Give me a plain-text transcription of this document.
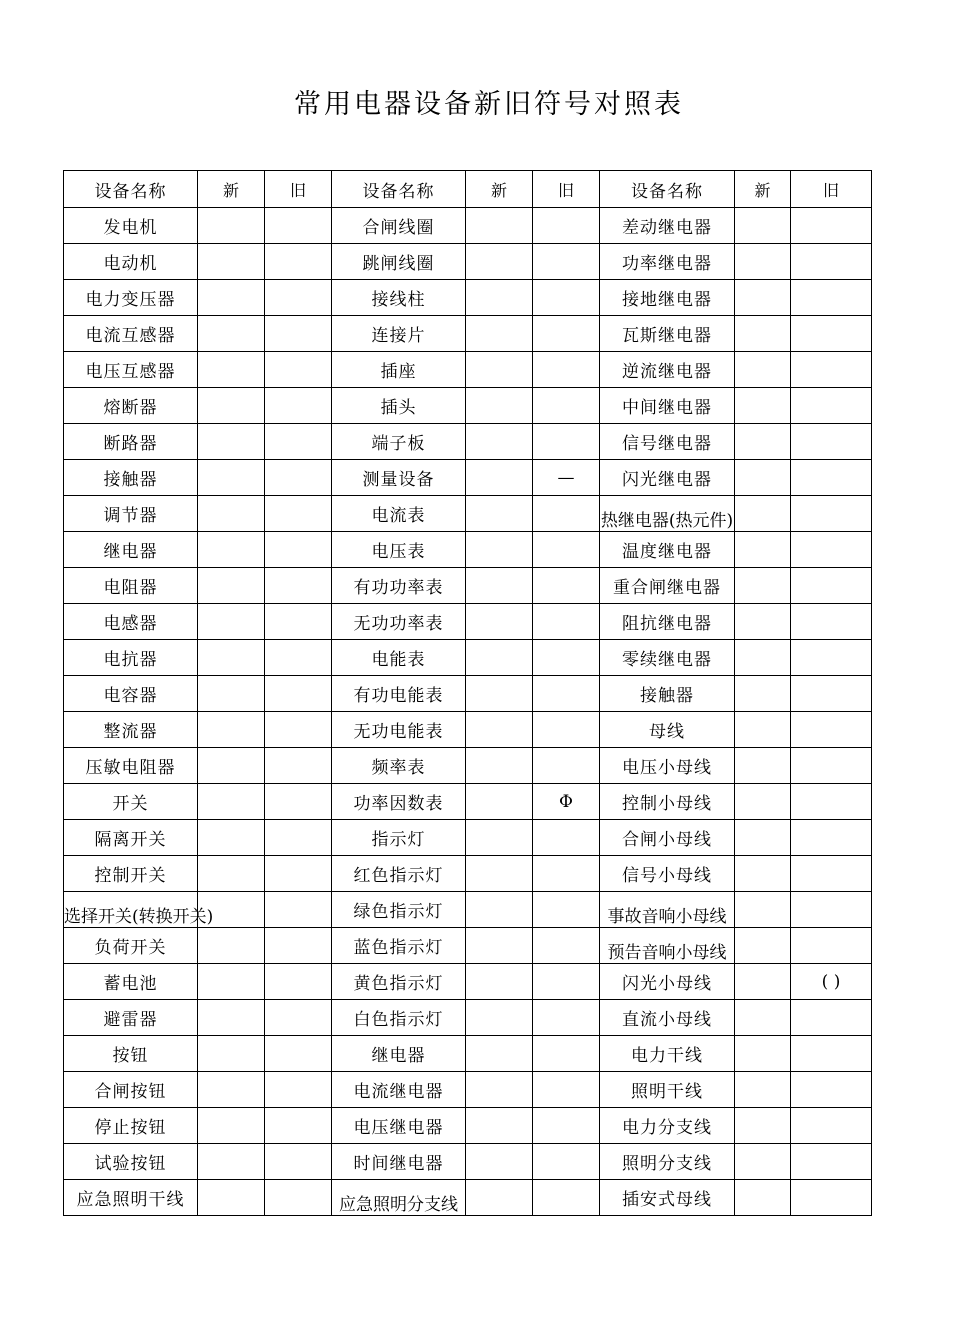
常用电器设备新旧符号对照表
设备名称	新	旧	设备名称	新	旧	设备名称	新	旧
发电机			合闸线圈			差动继电器		
电动机			跳闸线圈			功率继电器		
电力变压器			接线柱			接地继电器		
电流互感器			连接片			瓦斯继电器		
电压互感器			插座			逆流继电器		
熔断器			插头			中间继电器		
断路器			端子板			信号继电器		
接触器			测量设备		—	闪光继电器		
调节器			电流表			热继电器(热元件)		
继电器			电压表			温度继电器		
电阻器			有功功率表			重合闸继电器		
电感器			无功功率表			阻抗继电器		
电抗器			电能表			零续继电器		
电容器			有功电能表			接触器		
整流器			无功电能表			母线		
压敏电阻器			频率表			电压小母线		
开关			功率因数表		Φ	控制小母线		
隔离开关			指示灯			合闸小母线		
控制开关			红色指示灯			信号小母线		
选择开关(转换开关)			绿色指示灯			事故音响小母线		
负荷开关			蓝色指示灯			预告音响小母线		
蓄电池			黄色指示灯			闪光小母线		( )
避雷器			白色指示灯			直流小母线		
按钮			继电器			电力干线		
合闸按钮			电流继电器			照明干线		
停止按钮			电压继电器			电力分支线		
试验按钮			时间继电器			照明分支线		
应急照明干线			应急照明分支线			插安式母线		
